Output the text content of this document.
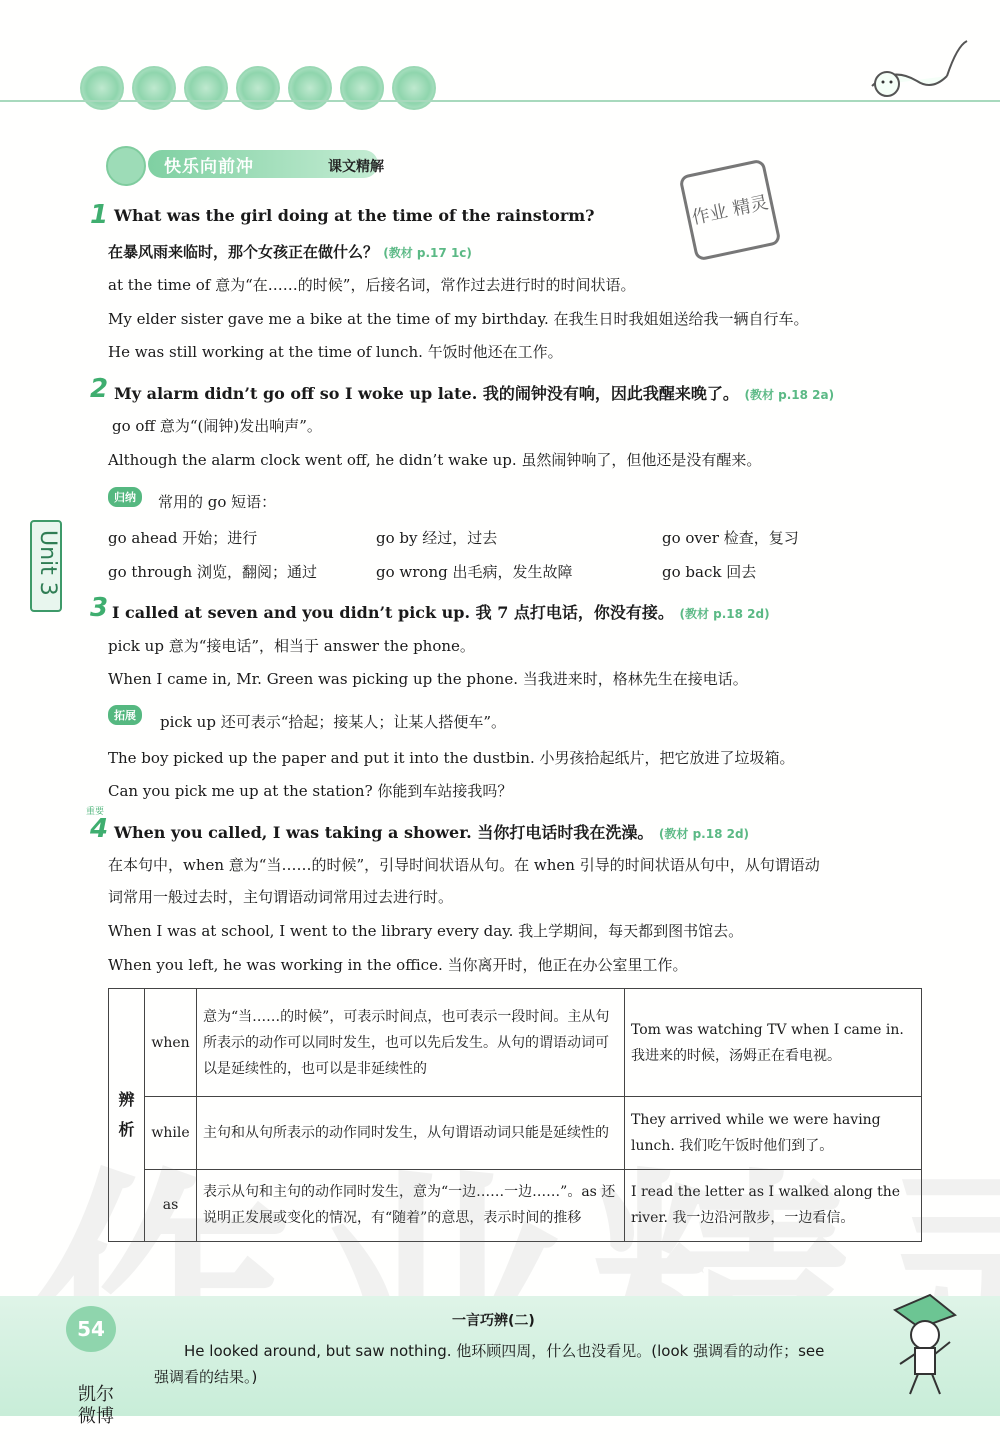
快乐向前冲	课文精解
作业 精灵
Unit 3
1 What was the girl doing at the time of the rainstorm?
在暴风雨来临时，那个女孩正在做什么？ (教材 p.17 1c)
at the time of 意为“在……的时候”，后接名词，常作过去进行时的时间状语。
My elder sister gave me a bike at the time of my birthday. 在我生日时我姐姐送给我一辆自行车。
He was still working at the time of lunch. 午饭时他还在工作。
2 My alarm didn’t go off so I woke up late. 我的闹钟没有响，因此我醒来晚了。 (教材 p.18 2a)
go off 意为“(闹钟)发出响声”。
Although the alarm clock went off, he didn’t wake up. 虽然闹钟响了，但他还是没有醒来。
归纳	常用的 go 短语：
go ahead 开始；进行	go by 经过，过去	go over 检查，复习
go through 浏览，翻阅；通过	go wrong 出毛病，发生故障	go back 回去
3 I called at seven and you didn’t pick up. 我 7 点打电话，你没有接。 (教材 p.18 2d)
pick up 意为“接电话”，相当于 answer the phone。
When I came in, Mr. Green was picking up the phone. 当我进来时，格林先生在接电话。
拓展	pick up 还可表示“拾起；接某人；让某人搭便车”。
The boy picked up the paper and put it into the dustbin. 小男孩拾起纸片，把它放进了垃圾箱。
Can you pick me up at the station? 你能到车站接我吗？
重要
4 When you called, I was taking a shower. 当你打电话时我在洗澡。 (教材 p.18 2d)
在本句中，when 意为“当……的时候”，引导时间状语从句。在 when 引导的时间状语从句中，从句谓语动
词常用一般过去时，主句谓语动词常用过去进行时。
When I was at school, I went to the library every day. 我上学期间，每天都到图书馆去。
When you left, he was working in the office. 当你离开时，他正在办公室里工作。
辨析	when	意为“当……的时候”，可表示时间点，也可表示一段时间。主从句所表示的动作可以同时发生，也可以先后发生。从句的谓语动词可以是延续性的，也可以是非延续性的	Tom was watching TV when I came in. 我进来的时候，汤姆正在看电视。
	while	主句和从句所表示的动作同时发生，从句谓语动词只能是延续性的	They arrived while we were having lunch. 我们吃午饭时他们到了。
	as	表示从句和主句的动作同时发生，意为“一边……一边……”。as 还说明正发展或变化的情况，有“随着”的意思，表示时间的推移	I read the letter as I walked along the river. 我一边沿河散步，一边看信。
54	一言巧辨(二)
He looked around, but saw nothing. 他环顾四周，什么也没看见。(look 强调看的动作；see
强调看的结果。)
凯尔
微博
